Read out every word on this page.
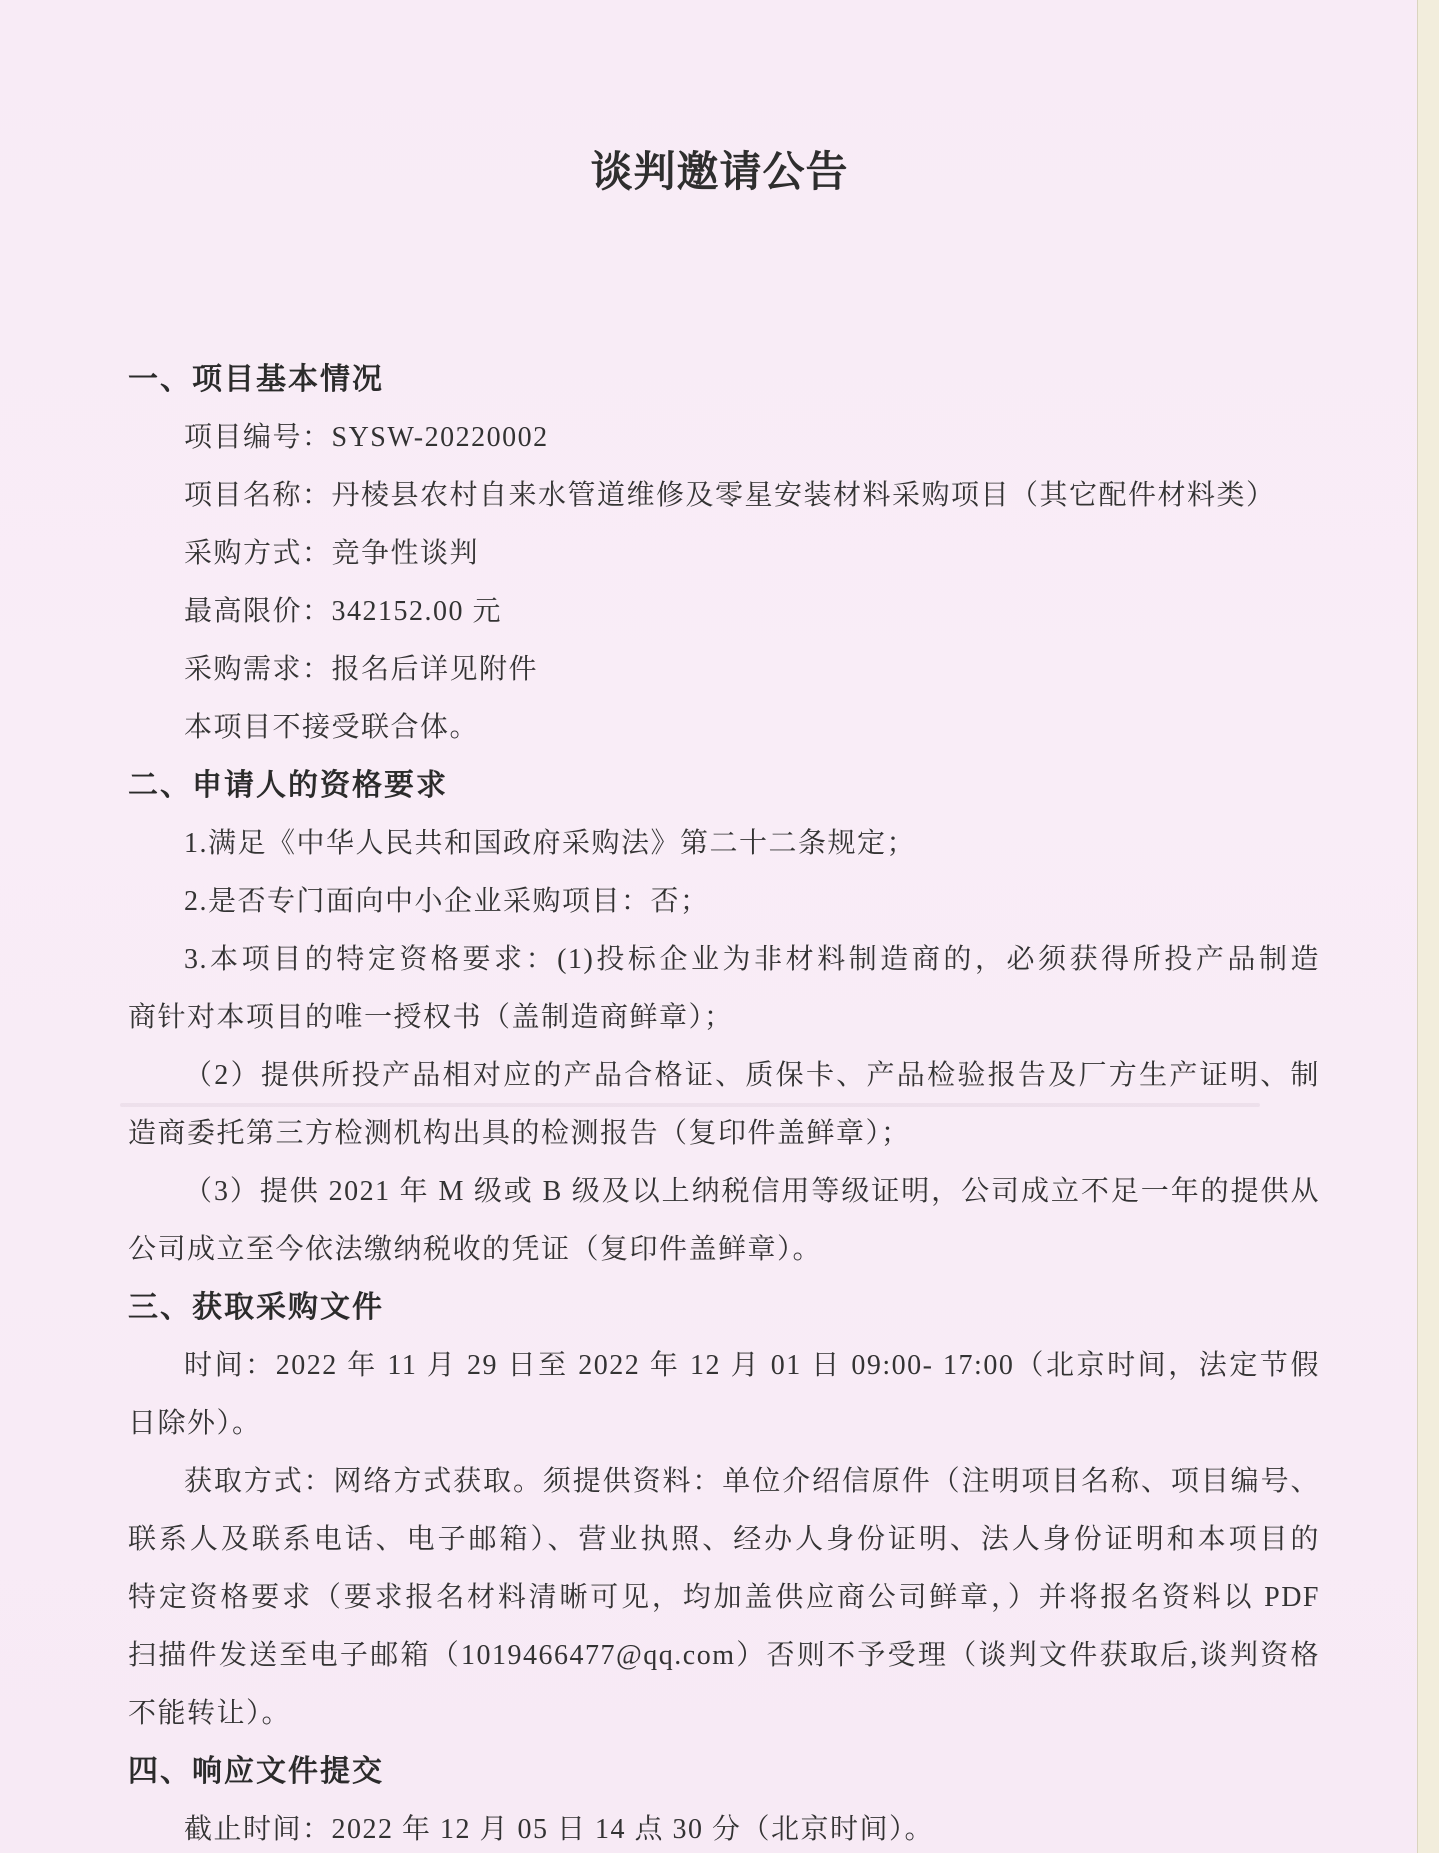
谈判邀请公告
一、项目基本情况
项目编号：SYSW-20220002
项目名称：丹棱县农村自来水管道维修及零星安装材料采购项目（其它配件材料类）
采购方式：竞争性谈判
最高限价：342152.00 元
采购需求：报名后详见附件
本项目不接受联合体。
二、申请人的资格要求
1.满足《中华人民共和国政府采购法》第二十二条规定；
2.是否专门面向中小企业采购项目：否；
3.本项目的特定资格要求：(1)投标企业为非材料制造商的，必须获得所投产品制造
商针对本项目的唯一授权书（盖制造商鲜章）；
（2）提供所投产品相对应的产品合格证、质保卡、产品检验报告及厂方生产证明、制
造商委托第三方检测机构出具的检测报告（复印件盖鲜章）；
（3）提供 2021 年 M 级或 B 级及以上纳税信用等级证明，公司成立不足一年的提供从
公司成立至今依法缴纳税收的凭证（复印件盖鲜章）。
三、获取采购文件
时间：2022 年 11 月 29 日至 2022 年 12 月 01 日 09:00- 17:00（北京时间，法定节假
日除外）。
获取方式：网络方式获取。须提供资料：单位介绍信原件（注明项目名称、项目编号、
联系人及联系电话、电子邮箱）、营业执照、经办人身份证明、法人身份证明和本项目的
特定资格要求（要求报名材料清晰可见，均加盖供应商公司鲜章，）并将报名资料以 PDF
扫描件发送至电子邮箱（1019466477@qq.com）否则不予受理（谈判文件获取后,谈判资格
不能转让）。
四、响应文件提交
截止时间：2022 年 12 月 05 日 14 点 30 分（北京时间）。
